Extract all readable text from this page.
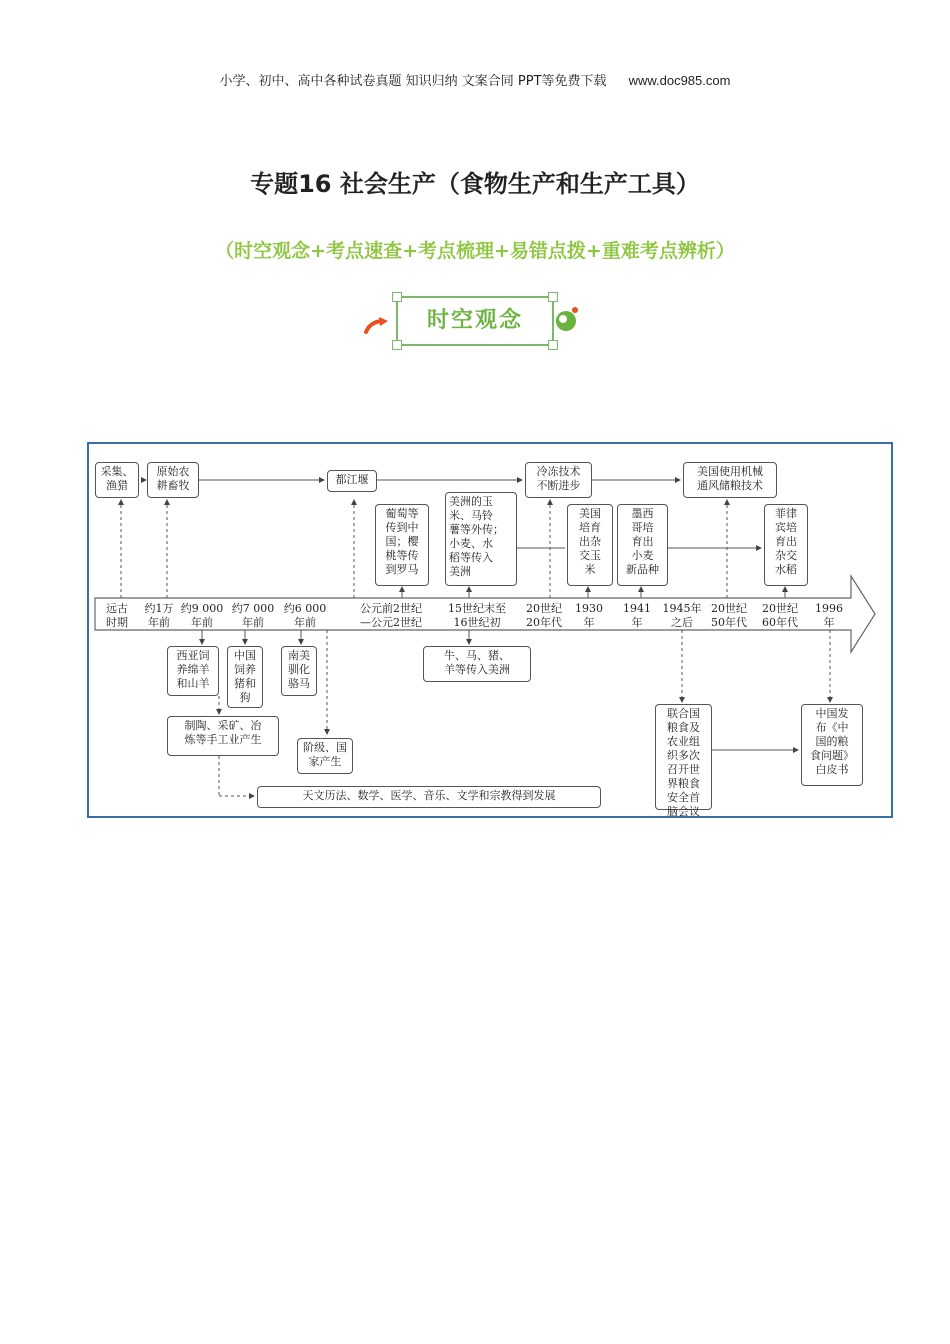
小学、初中、高中各种试卷真题 知识归纳 文案合同 PPT等免费下载 www.doc985.com
专题16 社会生产（食物生产和生产工具）
（时空观念+考点速查+考点梳理+易错点拨+重难考点辨析）
时空观念
采集、
渔猎
原始农
耕畜牧	都江堰
冷冻技术
不断进步
美国使用机械
通风储粮技术
葡萄等
传到中
国；樱
桃等传
到罗马
美洲的玉
米、马铃
薯等外传；
小麦、水
稻等传入
美洲
美国
培育
出杂
交玉
米
墨西
哥培
育出
小麦
新品种
菲律
宾培
育出
杂交
水稻
远古
时期
约1万
年前
约9 000
年前
约7 000
年前
约6 000
年前
公元前2世纪
—公元2世纪
15世纪末至
16世纪初
20世纪
20年代
1930
年
1941
年
1945年
之后
20世纪
50年代
20世纪
60年代
1996
年
西亚饲
养绵羊
和山羊
中国
饲养
猪和
狗
南美
驯化
骆马
牛、马、猪、
羊等传入美洲
制陶、采矿、冶
炼等手工业产生
阶级、国
家产生
天文历法、数学、医学、音乐、文学和宗教得到发展
联合国
粮食及
农业组
织多次
召开世
界粮食
安全首
脑会议
中国发
布《中
国的粮
食问题》
白皮书
